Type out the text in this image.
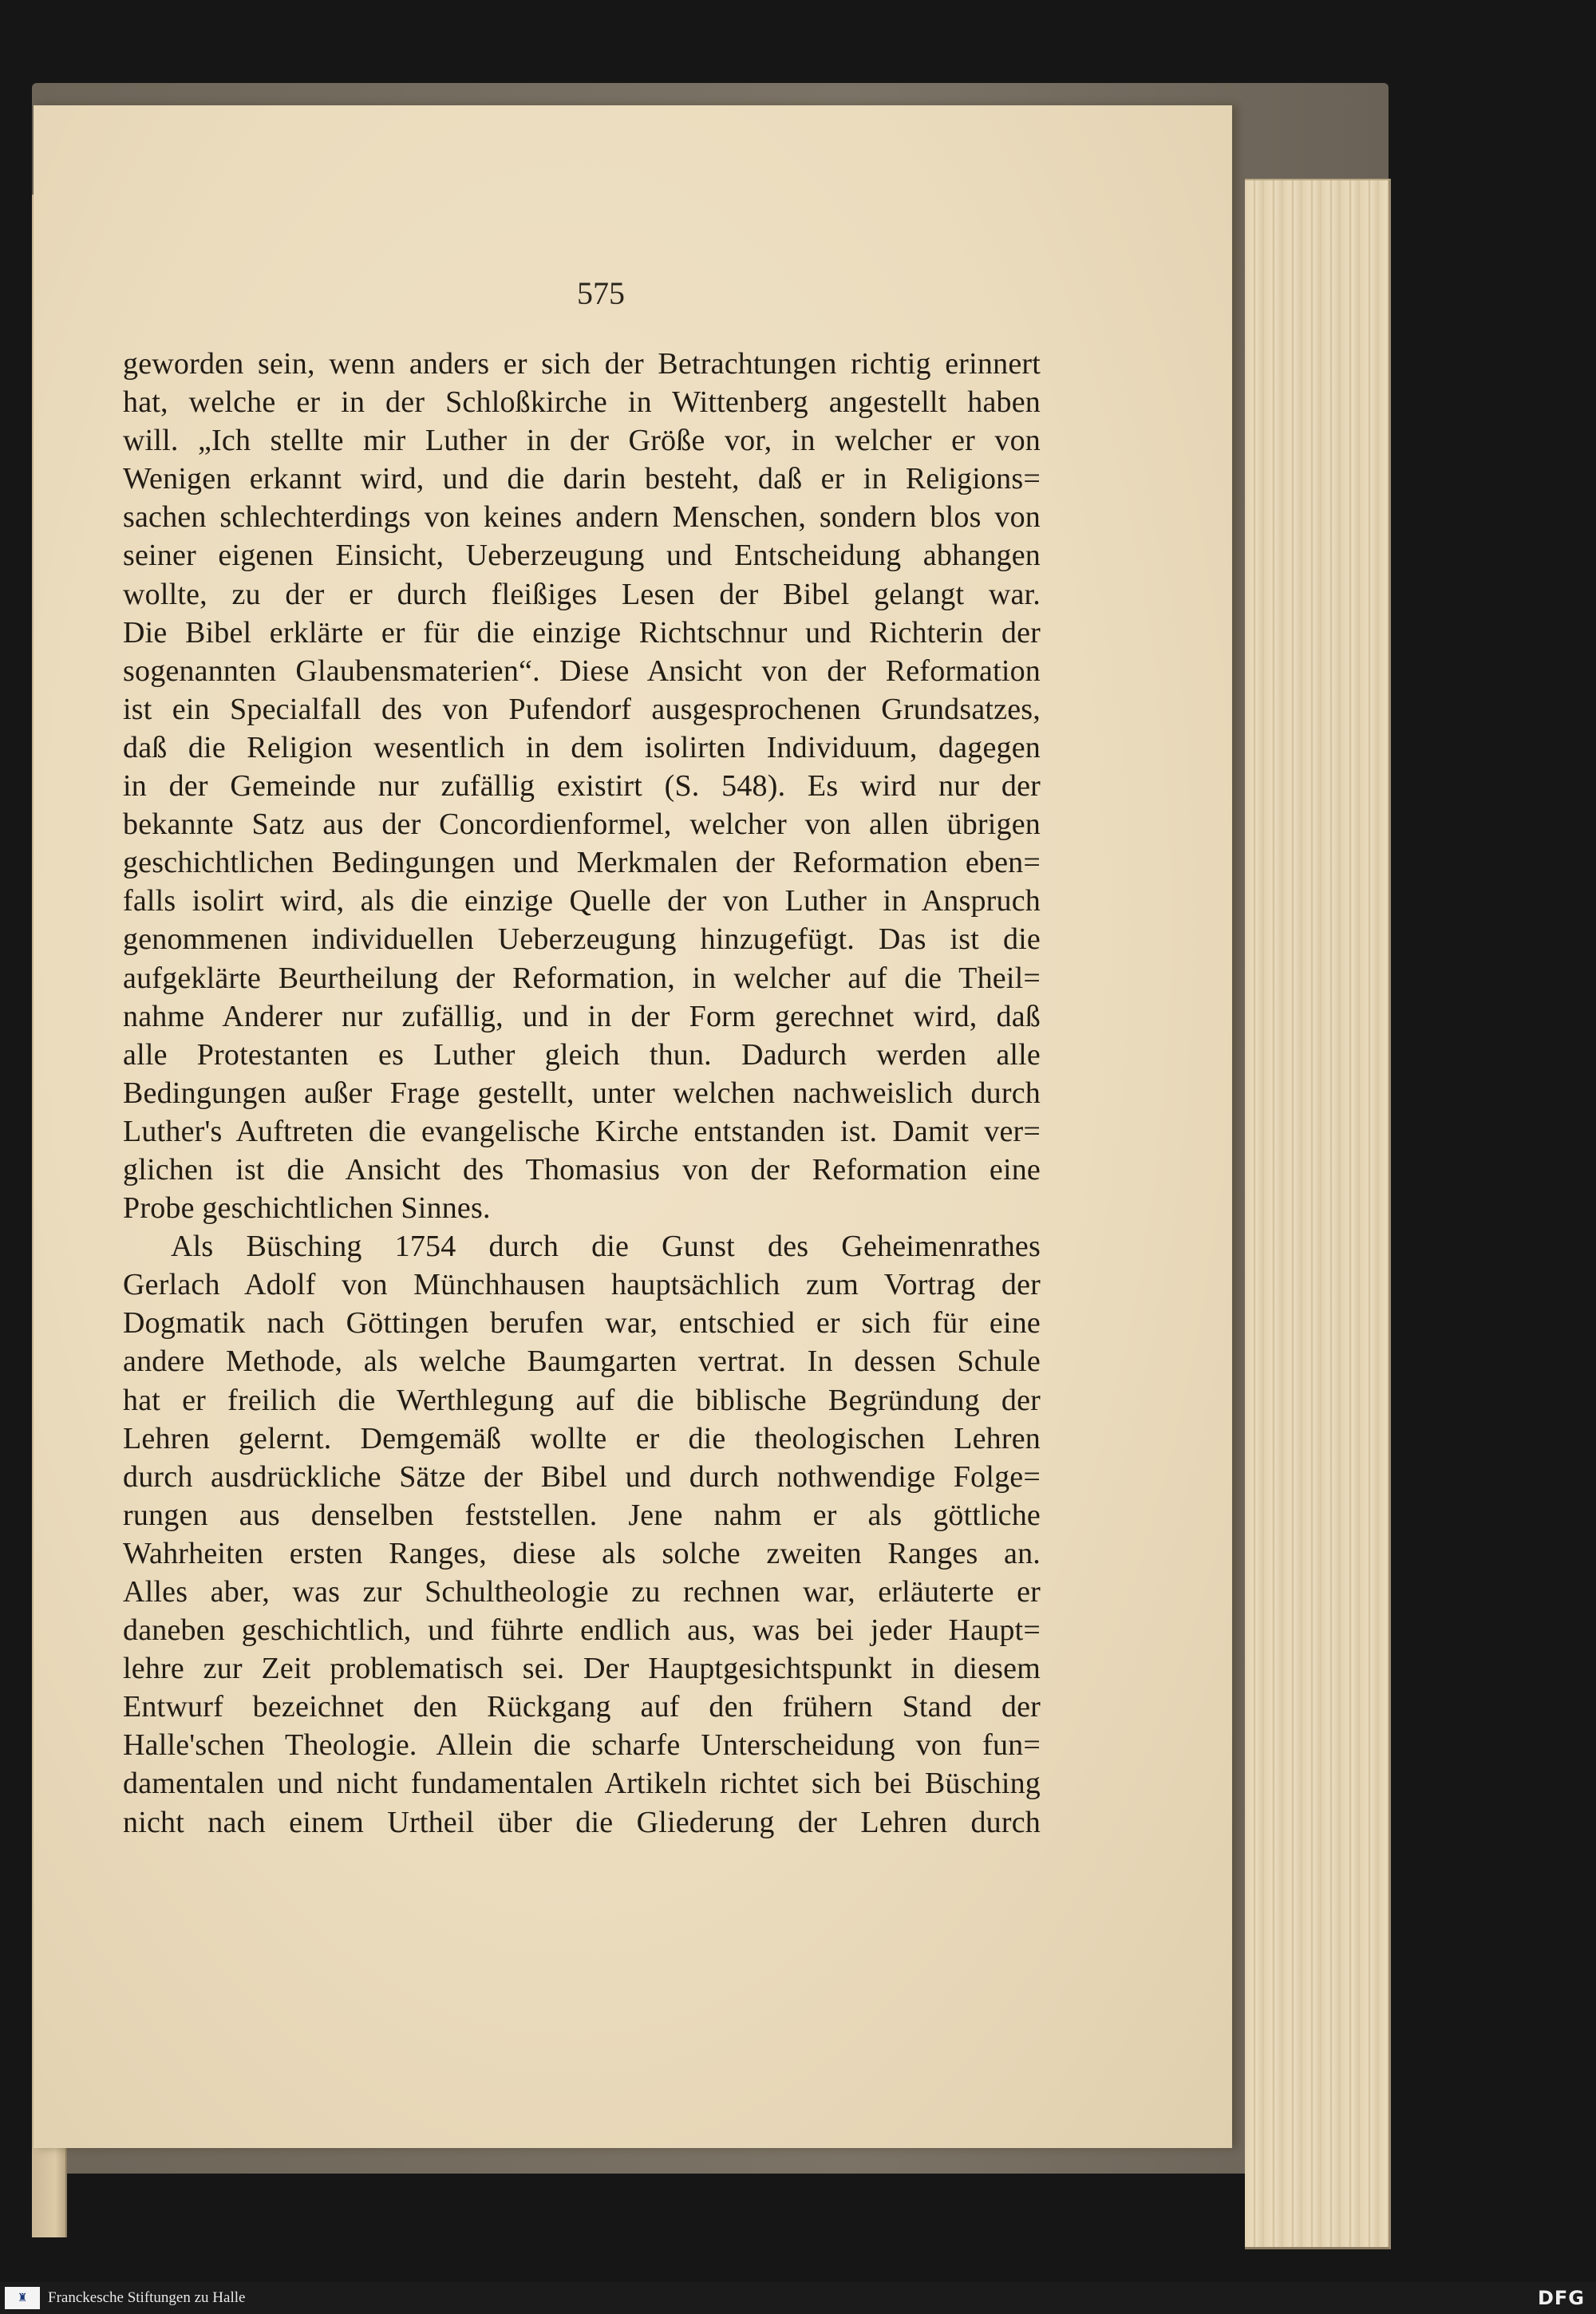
575
geworden sein, wenn anders er sich der Betrachtungen richtig erinnert
hat, welche er in der Schloßkirche in Wittenberg angestellt haben
will. „Ich stellte mir Luther in der Größe vor, in welcher er von
Wenigen erkannt wird, und die darin besteht, daß er in Religions=
sachen schlechterdings von keines andern Menschen, sondern blos von
seiner eigenen Einsicht, Ueberzeugung und Entscheidung abhangen
wollte, zu der er durch fleißiges Lesen der Bibel gelangt war.
Die Bibel erklärte er für die einzige Richtschnur und Richterin der
sogenannten Glaubensmaterien“. Diese Ansicht von der Reformation
ist ein Specialfall des von Pufendorf ausgesprochenen Grundsatzes,
daß die Religion wesentlich in dem isolirten Individuum, dagegen
in der Gemeinde nur zufällig existirt (S. 548). Es wird nur der
bekannte Satz aus der Concordienformel, welcher von allen übrigen
geschichtlichen Bedingungen und Merkmalen der Reformation eben=
falls isolirt wird, als die einzige Quelle der von Luther in Anspruch
genommenen individuellen Ueberzeugung hinzugefügt. Das ist die
aufgeklärte Beurtheilung der Reformation, in welcher auf die Theil=
nahme Anderer nur zufällig, und in der Form gerechnet wird, daß
alle Protestanten es Luther gleich thun. Dadurch werden alle
Bedingungen außer Frage gestellt, unter welchen nachweislich durch
Luther's Auftreten die evangelische Kirche entstanden ist. Damit ver=
glichen ist die Ansicht des Thomasius von der Reformation eine
Probe geschichtlichen Sinnes.
Als Büsching 1754 durch die Gunst des Geheimenrathes
Gerlach Adolf von Münchhausen hauptsächlich zum Vortrag der
Dogmatik nach Göttingen berufen war, entschied er sich für eine
andere Methode, als welche Baumgarten vertrat. In dessen Schule
hat er freilich die Werthlegung auf die biblische Begründung der
Lehren gelernt. Demgemäß wollte er die theologischen Lehren
durch ausdrückliche Sätze der Bibel und durch nothwendige Folge=
rungen aus denselben feststellen. Jene nahm er als göttliche
Wahrheiten ersten Ranges, diese als solche zweiten Ranges an.
Alles aber, was zur Schultheologie zu rechnen war, erläuterte er
daneben geschichtlich, und führte endlich aus, was bei jeder Haupt=
lehre zur Zeit problematisch sei. Der Hauptgesichtspunkt in diesem
Entwurf bezeichnet den Rückgang auf den frühern Stand der
Halle'schen Theologie. Allein die scharfe Unterscheidung von fun=
damentalen und nicht fundamentalen Artikeln richtet sich bei Büsching
nicht nach einem Urtheil über die Gliederung der Lehren durch
♜	Franckesche Stiftungen zu Halle	DFG
